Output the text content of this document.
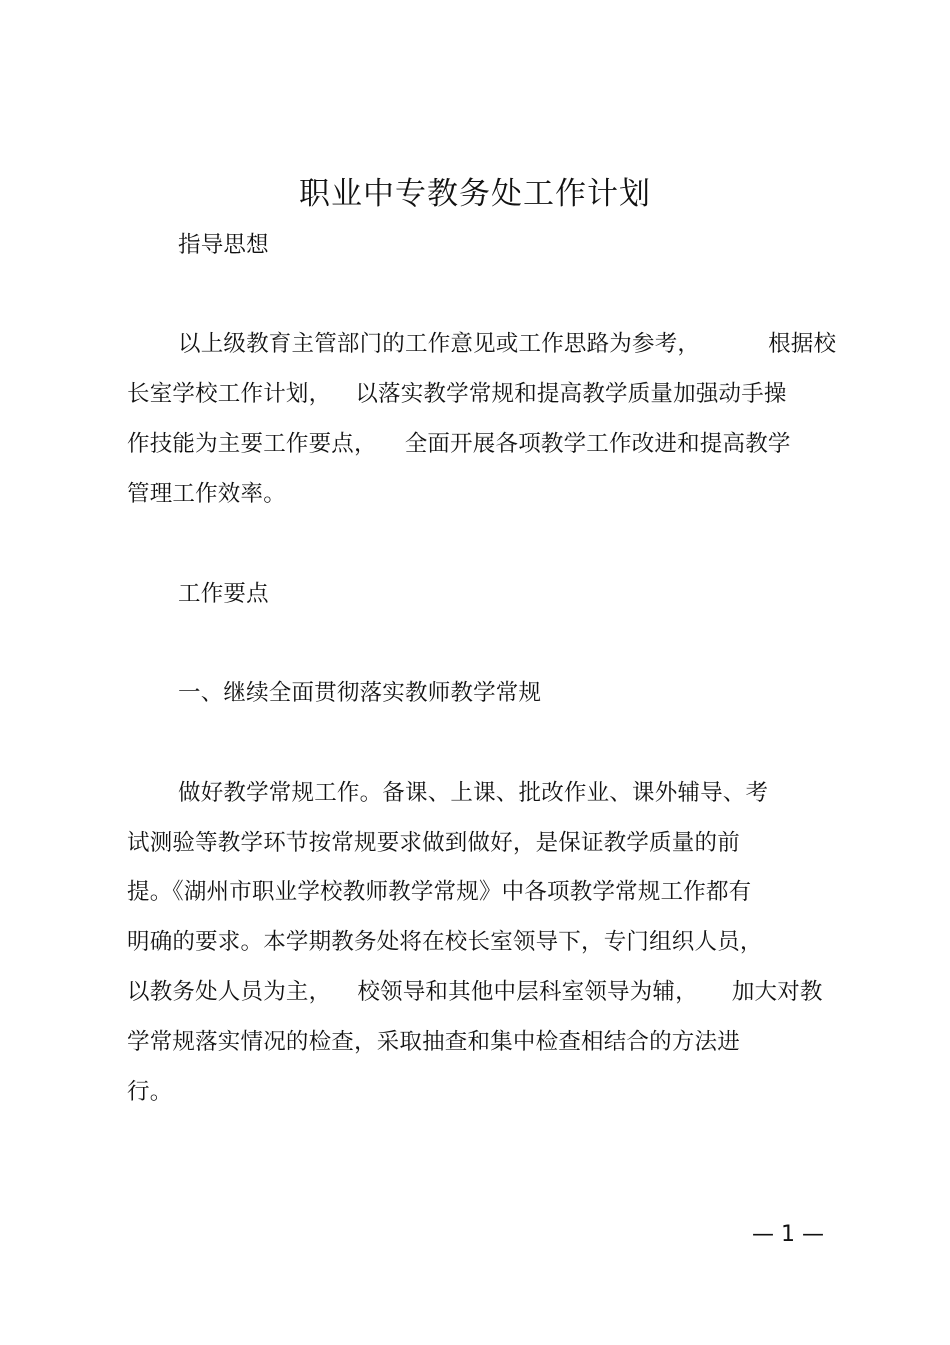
职业中专教务处工作计划
指导思想
以上级教育主管部门的工作意见或工作思路为参考，	根据校
长室学校工作计划， 以落实教学常规和提高教学质量加强动手操
作技能为主要工作要点， 全面开展各项教学工作改进和提高教学
管理工作效率。
工作要点
一、继续全面贯彻落实教师教学常规
做好教学常规工作。备课、上课、批改作业、课外辅导、考
试测验等教学环节按常规要求做到做好，是保证教学质量的前
提。《湖州市职业学校教师教学常规》中各项教学常规工作都有
明确的要求。本学期教务处将在校长室领导下，专门组织人员，
以教务处人员为主， 校领导和其他中层科室领导为辅， 加大对教
学常规落实情况的检查，采取抽查和集中检查相结合的方法进
行。
— 1 —
